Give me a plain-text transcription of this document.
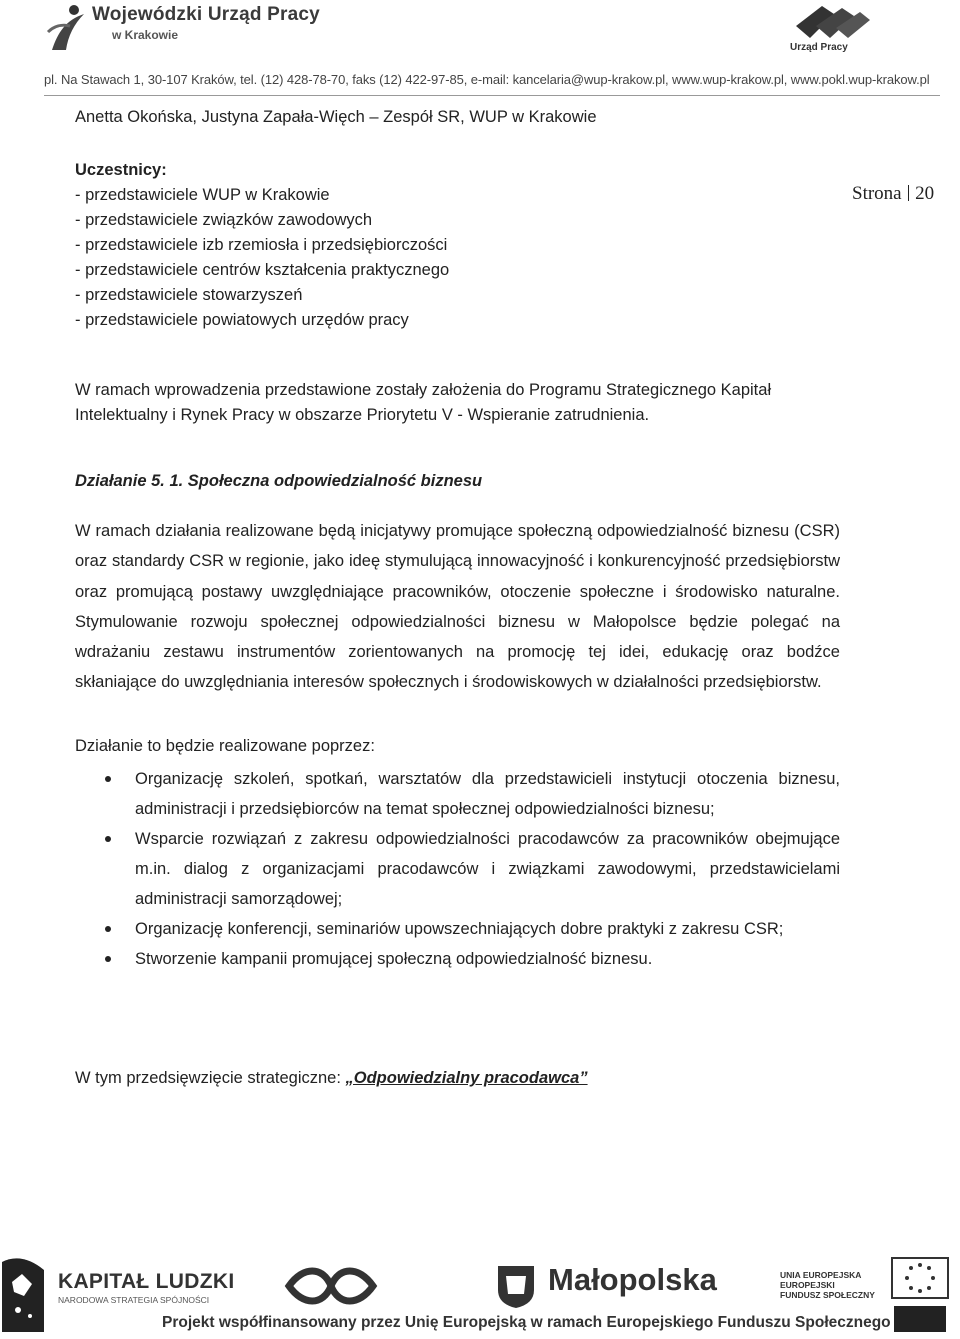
Wojewódzki Urząd Pracy
w Krakowie
Urząd Pracy
pl. Na Stawach 1, 30-107 Kraków, tel. (12) 428-78-70, faks (12) 422-97-85, e-mail: kancelaria@wup-krakow.pl, www.wup-krakow.pl, www.pokl.wup-krakow.pl
Strona 20
Anetta Okońska, Justyna Zapała-Więch – Zespół SR, WUP w Krakowie
Uczestnicy:
- przedstawiciele WUP w Krakowie
- przedstawiciele związków zawodowych
- przedstawiciele izb rzemiosła i przedsiębiorczości
- przedstawiciele centrów kształcenia praktycznego
- przedstawiciele stowarzyszeń
- przedstawiciele powiatowych urzędów pracy
W ramach wprowadzenia przedstawione zostały założenia do Programu Strategicznego Kapitał Intelektualny i Rynek Pracy w obszarze Priorytetu V - Wspieranie zatrudnienia.
Działanie 5. 1. Społeczna odpowiedzialność biznesu
W ramach działania realizowane będą inicjatywy promujące społeczną odpowiedzialność biznesu (CSR) oraz standardy CSR w regionie, jako ideę stymulującą innowacyjność i konkurencyjność przedsiębiorstw oraz promującą postawy uwzględniające pracowników, otoczenie społeczne i środowisko naturalne. Stymulowanie rozwoju społecznej odpowiedzialności biznesu w Małopolsce będzie polegać na wdrażaniu zestawu instrumentów zorientowanych na promocję tej idei, edukację oraz bodźce skłaniające do uwzględniania interesów społecznych i środowiskowych w działalności przedsiębiorstw.
Działanie to będzie realizowane poprzez:
Organizację szkoleń, spotkań, warsztatów dla przedstawicieli instytucji otoczenia biznesu, administracji i przedsiębiorców na temat społecznej odpowiedzialności biznesu;
Wsparcie rozwiązań z zakresu odpowiedzialności pracodawców za pracowników obejmujące m.in. dialog z organizacjami pracodawców i związkami zawodowymi, przedstawicielami administracji samorządowej;
Organizację konferencji, seminariów upowszechniających dobre praktyki z zakresu CSR;
Stworzenie kampanii promującej społeczną odpowiedzialność biznesu.
W tym przedsięwzięcie strategiczne: „Odpowiedzialny pracodawca”
KAPITAŁ LUDZKI
NARODOWA STRATEGIA SPÓJNOŚCI
Małopolska	UNIA EUROPEJSKA
EUROPEJSKI
FUNDUSZ SPOŁECZNY
Projekt współfinansowany przez Unię Europejską w ramach Europejskiego Funduszu Społecznego
